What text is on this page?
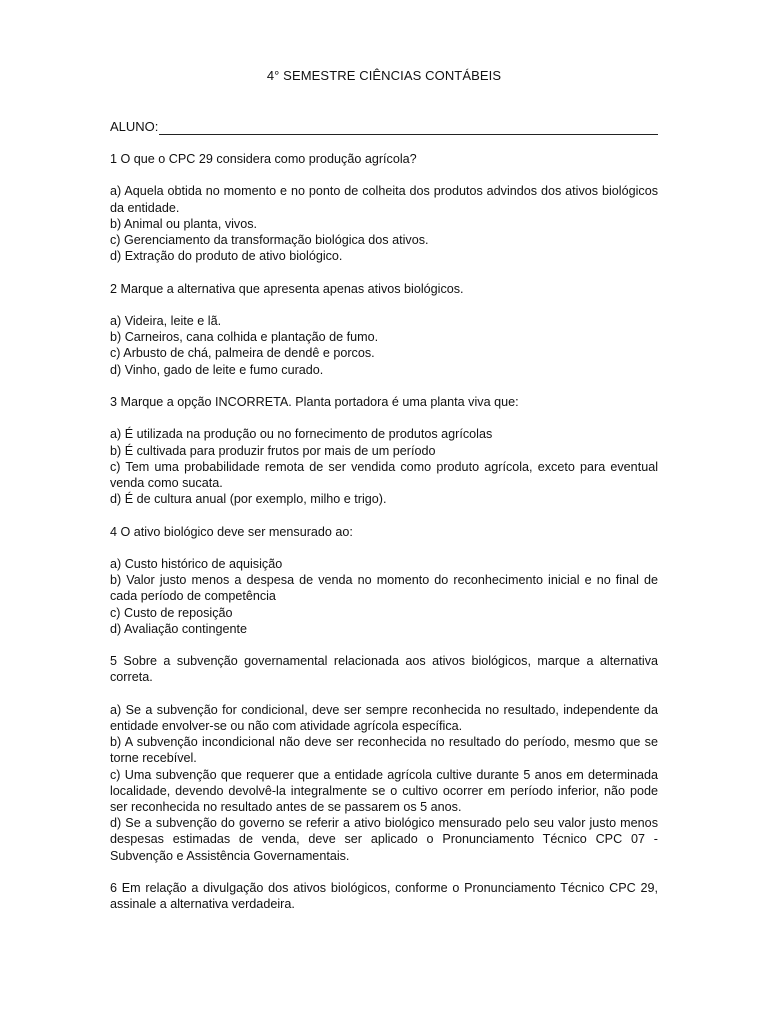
4° SEMESTRE CIÊNCIAS CONTÁBEIS
ALUNO:

1 O que o CPC 29 considera como produção agrícola?

a) Aquela obtida no momento e no ponto de colheita dos produtos advindos dos ativos biológicos da entidade.

b) Animal ou planta, vivos.

c) Gerenciamento da transformação biológica dos ativos.

d) Extração do produto de ativo biológico.

2 Marque a alternativa que apresenta apenas ativos biológicos.

a) Videira, leite e lã.

b) Carneiros, cana colhida e plantação de fumo.

c) Arbusto de chá, palmeira de dendê e porcos.

d) Vinho, gado de leite e fumo curado.

3 Marque a opção INCORRETA. Planta portadora é uma planta viva que:

a) É utilizada na produção ou no fornecimento de produtos agrícolas

b) É cultivada para produzir frutos por mais de um período

c) Tem uma probabilidade remota de ser vendida como produto agrícola, exceto para eventual venda como sucata.

d) É de cultura anual (por exemplo, milho e trigo).

4 O ativo biológico deve ser mensurado ao:

a) Custo histórico de aquisição

b) Valor justo menos a despesa de venda no momento do reconhecimento inicial e no final de cada período de competência

c) Custo de reposição

d) Avaliação contingente

5 Sobre a subvenção governamental relacionada aos ativos biológicos, marque a alternativa correta.

a) Se a subvenção for condicional, deve ser sempre reconhecida no resultado, independente da entidade envolver-se ou não com atividade agrícola específica.

b) A subvenção incondicional não deve ser reconhecida no resultado do período, mesmo que se torne recebível.

c) Uma subvenção que requerer que a entidade agrícola cultive durante 5 anos em determinada localidade, devendo devolvê-la integralmente se o cultivo ocorrer em período inferior, não pode ser reconhecida no resultado antes de se passarem os 5 anos.

d) Se a subvenção do governo se referir a ativo biológico mensurado pelo seu valor justo menos despesas estimadas de venda, deve ser aplicado o Pronunciamento Técnico CPC 07 - Subvenção e Assistência Governamentais.

6 Em relação a divulgação dos ativos biológicos, conforme o Pronunciamento Técnico CPC 29, assinale a alternativa verdadeira.
